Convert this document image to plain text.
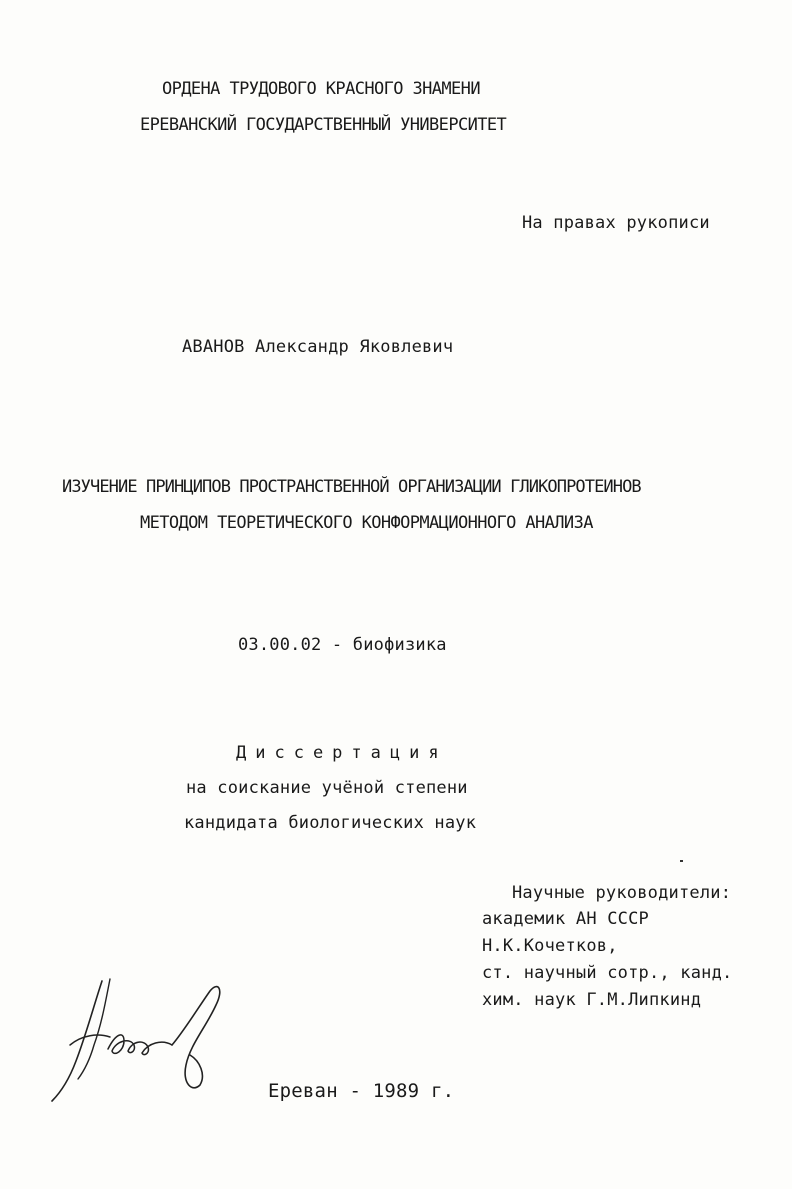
ОРДЕНА ТРУДОВОГО КРАСНОГО ЗНАМЕНИ
ЕРЕВАНСКИЙ ГОСУДАРСТВЕННЫЙ УНИВЕРСИТЕТ
На правах рукописи
АВАНОВ Александр Яковлевич
ИЗУЧЕНИЕ ПРИНЦИПОВ ПРОСТРАНСТВЕННОЙ ОРГАНИЗАЦИИ ГЛИКОПРОТЕИНОВ
МЕТОДОМ ТЕОРЕТИЧЕСКОГО КОНФОРМАЦИОННОГО АНАЛИЗА
03.00.02 - биофизика
Диссертация
на соискание учёной степени
кандидата биологических наук
Научные руководители:
академик АН СССР
Н.К.Кочетков,
ст. научный сотр., канд.
хим. наук Г.М.Липкинд
Ереван - 1989 г.
